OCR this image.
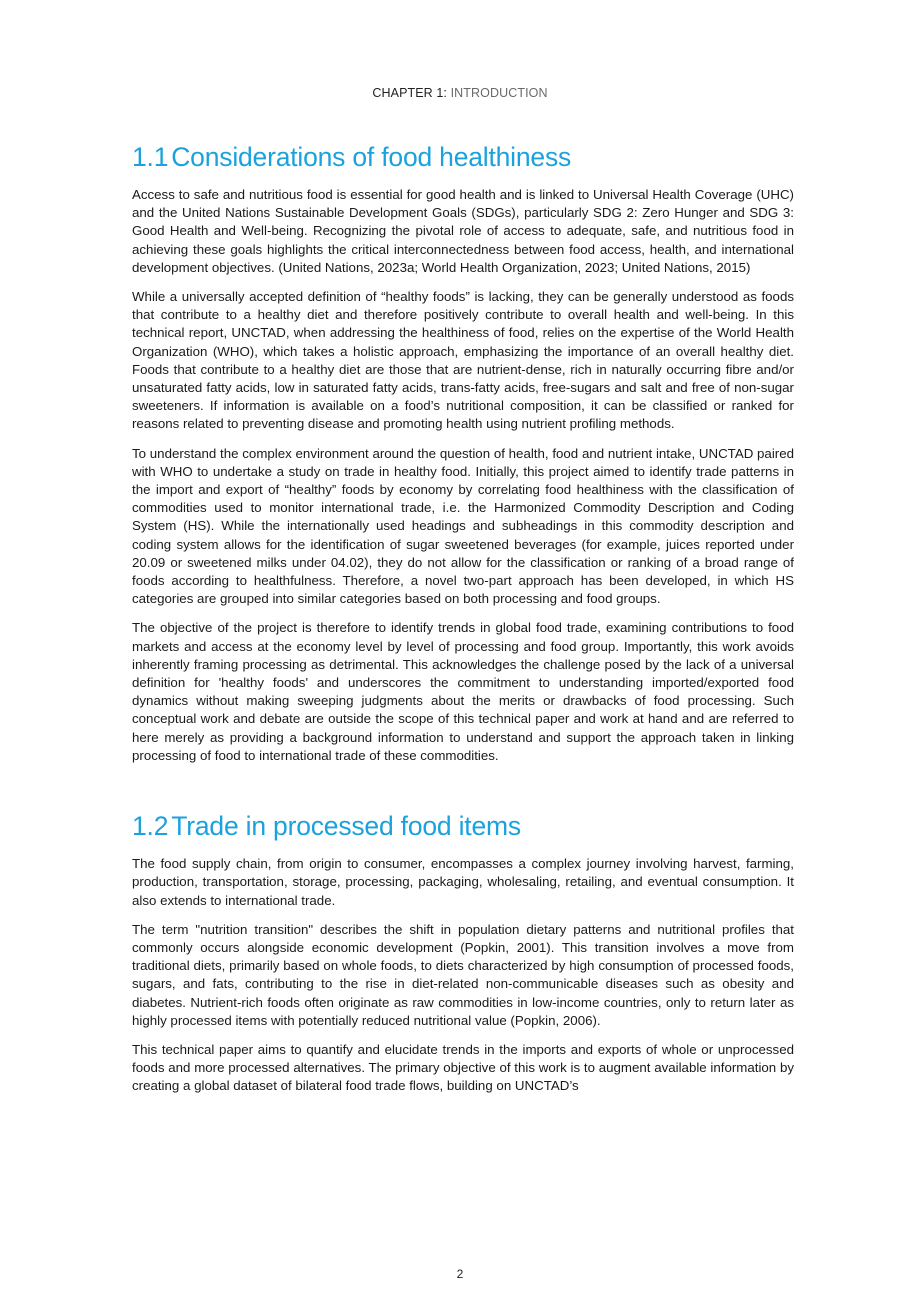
CHAPTER 1: INTRODUCTION
1.1 Considerations of food healthiness

Access to safe and nutritious food is essential for good health and is linked to Universal Health Coverage (UHC) and the United Nations Sustainable Development Goals (SDGs), particularly SDG 2: Zero Hunger and SDG 3: Good Health and Well-being. Recognizing the pivotal role of access to adequate, safe, and nutritious food in achieving these goals highlights the critical interconnectedness between food access, health, and international development objectives. (United Nations, 2023a; World Health Organization, 2023; United Nations, 2015)

While a universally accepted definition of “healthy foods” is lacking, they can be generally understood as foods that contribute to a healthy diet and therefore positively contribute to overall health and well-being. In this technical report, UNCTAD, when addressing the healthiness of food, relies on the expertise of the World Health Organization (WHO), which takes a holistic approach, emphasizing the importance of an overall healthy diet. Foods that contribute to a healthy diet are those that are nutrient-dense, rich in naturally occurring fibre and/or unsaturated fatty acids, low in saturated fatty acids, trans-fatty acids, free-sugars and salt and free of non-sugar sweeteners. If information is available on a food’s nutritional composition, it can be classified or ranked for reasons related to preventing disease and promoting health using nutrient profiling methods.

To understand the complex environment around the question of health, food and nutrient intake, UNCTAD paired with WHO to undertake a study on trade in healthy food. Initially, this project aimed to identify trade patterns in the import and export of “healthy” foods by economy by correlating food healthiness with the classification of commodities used to monitor international trade, i.e. the Harmonized Commodity Description and Coding System (HS). While the internationally used headings and subheadings in this commodity description and coding system allows for the identification of sugar sweetened beverages (for example, juices reported under 20.09 or sweetened milks under 04.02), they do not allow for the classification or ranking of a broad range of foods according to healthfulness. Therefore, a novel two-part approach has been developed, in which HS categories are grouped into similar categories based on both processing and food groups.

The objective of the project is therefore to identify trends in global food trade, examining contributions to food markets and access at the economy level by level of processing and food group. Importantly, this work avoids inherently framing processing as detrimental. This acknowledges the challenge posed by the lack of a universal definition for 'healthy foods' and underscores the commitment to understanding imported/exported food dynamics without making sweeping judgments about the merits or drawbacks of food processing. Such conceptual work and debate are outside the scope of this technical paper and work at hand and are referred to here merely as providing a background information to understand and support the approach taken in linking processing of food to international trade of these commodities.

1.2 Trade in processed food items

The food supply chain, from origin to consumer, encompasses a complex journey involving harvest, farming, production, transportation, storage, processing, packaging, wholesaling, retailing, and eventual consumption. It also extends to international trade.

The term "nutrition transition" describes the shift in population dietary patterns and nutritional profiles that commonly occurs alongside economic development (Popkin, 2001). This transition involves a move from traditional diets, primarily based on whole foods, to diets characterized by high consumption of processed foods, sugars, and fats, contributing to the rise in diet-related non-communicable diseases such as obesity and diabetes. Nutrient-rich foods often originate as raw commodities in low-income countries, only to return later as highly processed items with potentially reduced nutritional value (Popkin, 2006).

This technical paper aims to quantify and elucidate trends in the imports and exports of whole or unprocessed foods and more processed alternatives. The primary objective of this work is to augment available information by creating a global dataset of bilateral food trade flows, building on UNCTAD’s

2
